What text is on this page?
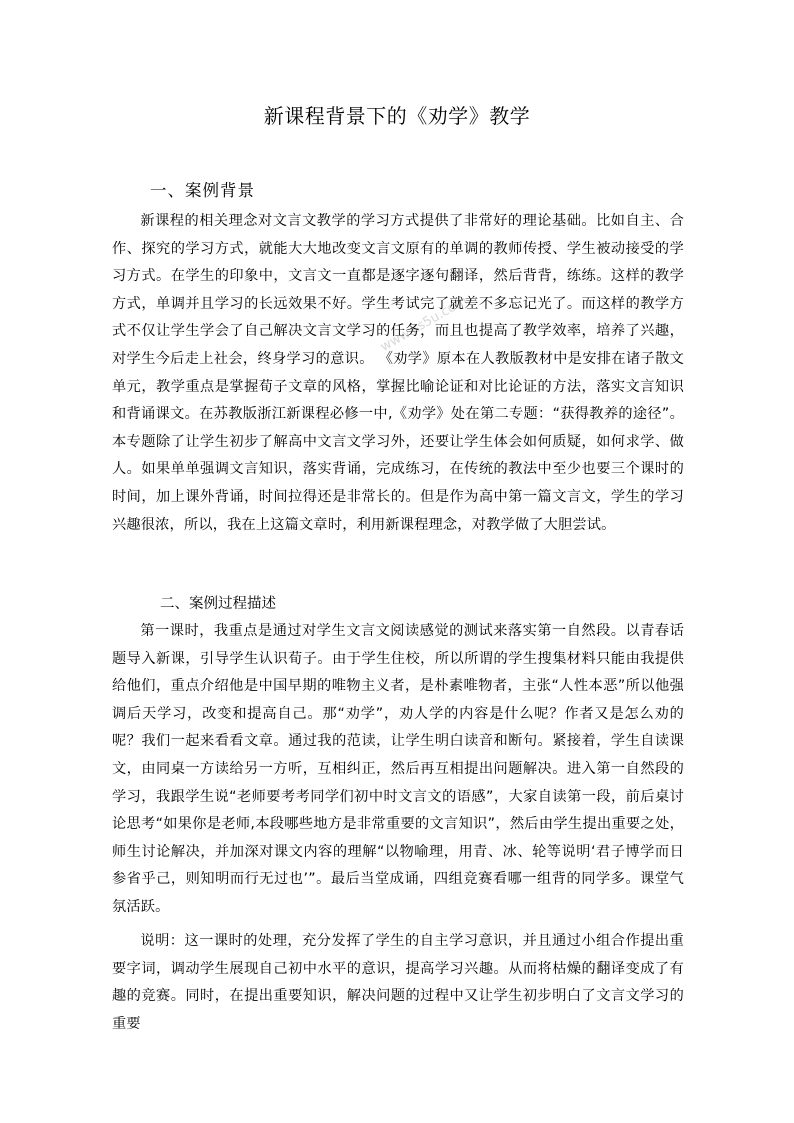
www.ks5u.com
新课程背景下的《劝学》教学
一、案例背景
新课程的相关理念对文言文教学的学习方式提供了非常好的理论基础。比如自主、合作、探究的学习方式，就能大大地改变文言文原有的单调的教师传授、学生被动接受的学习方式。在学生的印象中，文言文一直都是逐字逐句翻译，然后背背，练练。这样的教学方式，单调并且学习的长远效果不好。学生考试完了就差不多忘记光了。而这样的教学方式不仅让学生学会了自己解决文言文学习的任务，而且也提高了教学效率，培养了兴趣，对学生今后走上社会，终身学习的意识。 《劝学》原本在人教版教材中是安排在诸子散文单元，教学重点是掌握荀子文章的风格，掌握比喻论证和对比论证的方法，落实文言知识和背诵课文。在苏教版浙江新课程必修一中,《劝学》处在第二专题：“获得教养的途径”。本专题除了让学生初步了解高中文言文学习外，还要让学生体会如何质疑，如何求学、做人。如果单单强调文言知识，落实背诵，完成练习，在传统的教法中至少也要三个课时的时间，加上课外背诵，时间拉得还是非常长的。但是作为高中第一篇文言文，学生的学习兴趣很浓，所以，我在上这篇文章时，利用新课程理念，对教学做了大胆尝试。
二、案例过程描述
第一课时，我重点是通过对学生文言文阅读感觉的测试来落实第一自然段。以青春话题导入新课，引导学生认识荀子。由于学生住校，所以所谓的学生搜集材料只能由我提供给他们，重点介绍他是中国早期的唯物主义者，是朴素唯物者，主张“人性本恶”所以他强调后天学习，改变和提高自己。那“劝学”，劝人学的内容是什么呢？作者又是怎么劝的呢？我们一起来看看文章。通过我的范读，让学生明白读音和断句。紧接着，学生自读课文，由同桌一方读给另一方听，互相纠正，然后再互相提出问题解决。进入第一自然段的学习，我跟学生说“老师要考考同学们初中时文言文的语感”，大家自读第一段，前后桌讨论思考“如果你是老师,本段哪些地方是非常重要的文言知识”，然后由学生提出重要之处，师生讨论解决，并加深对课文内容的理解“以物喻理，用青、冰、轮等说明‘君子博学而日参省乎己，则知明而行无过也’”。最后当堂成诵，四组竞赛看哪一组背的同学多。课堂气氛活跃。
说明：这一课时的处理，充分发挥了学生的自主学习意识，并且通过小组合作提出重要字词，调动学生展现自己初中水平的意识，提高学习兴趣。从而将枯燥的翻译变成了有趣的竞赛。同时，在提出重要知识，解决问题的过程中又让学生初步明白了文言文学习的重要
